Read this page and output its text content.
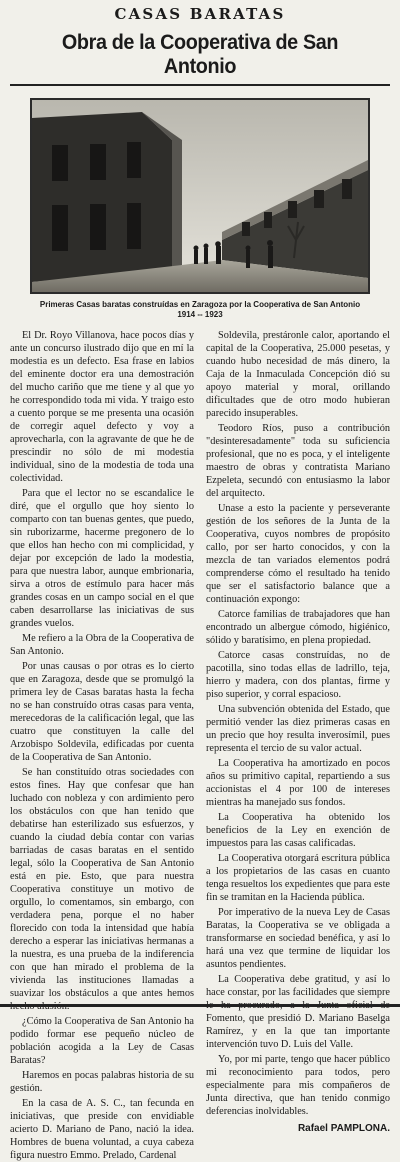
CASAS BARATAS
Obra de la Cooperativa de San Antonio
Primeras Casas baratas construídas en Zaragoza por la Cooperativa de San Antonio
1914 -- 1923

El Dr. Royo Villanova, hace pocos días y ante un concurso ilustrado dijo que en mí la modestia es un defecto. Esa frase en labios del eminente doctor era una demostración del mucho cariño que me tiene y al que yo he correspondido toda mi vida. Y traigo esto a cuento porque se me presenta una ocasión de corregir aquel defecto y voy a aprovecharla, con la agravante de que he de prescindir no sólo de mi modestia individual, sino de la modestia de toda una colectividad.

Para que el lector no se escandalice le diré, que el orgullo que hoy siento lo comparto con tan buenas gentes, que puedo, sin ruborizarme, hacerme pregonero de lo que ellos han hecho con mi complicidad, y dejar por excepción de lado la modestia, para que nuestra labor, aunque embrionaria, sirva a otros de estímulo para hacer más grandes cosas en un campo social en el que caben desarrollarse las iniciativas de sus grandes vuelos.

Me refiero a la Obra de la Cooperativa de San Antonio.

Por unas causas o por otras es lo cierto que en Zaragoza, desde que se promulgó la primera ley de Casas baratas hasta la fecha no se han construído otras casas para venta, merecedoras de la calificación legal, que las cuatro que constituyen la calle del Arzobispo Soldevila, edificadas por cuenta de la Cooperativa de San Antonio.

Se han constituído otras sociedades con estos fines. Hay que confesar que han luchado con nobleza y con ardimiento pero los obstáculos con que han tenido que debatirse han esterilizado sus esfuerzos, y cuando la ciudad debía contar con varias barriadas de casas baratas en el sentido legal, sólo la Cooperativa de San Antonio está en pie. Esto, que para nuestra Cooperativa constituye un motivo de orgullo, lo comentamos, sin embargo, con verdadera pena, porque el no haber florecido con toda la intensidad que había derecho a esperar las iniciativas hermanas a la nuestra, es una prueba de la indiferencia con que han mirado el problema de la vivienda las instituciones llamadas a suavizar los obstáculos a que antes hemos

¿Cómo la Cooperativa de San Antonio ha podido formar ese pequeño núcleo de población acogida a la Ley de Casas Baratas?

Haremos en pocas palabras historia de su gestión.

En la casa de A. S. C., tan fecunda en iniciativas, que preside con envidiable acierto D. Mariano de Pano, nació la idea. Hombres de buena voluntad, a cuya cabeza figura nuestro Emmo. Prelado, Cardenal

Soldevila, prestáronle calor, aportando el capital de la Cooperativa, 25.000 pesetas, y cuando hubo necesidad de más dinero, la Caja de la Inmaculada Concepción dió su apoyo material y moral, orillando dificultades que de otro modo hubieran parecido insuperables.

Teodoro Ríos, puso a contribución "desinteresadamente" toda su suficiencia profesional, que no es poca, y el inteligente maestro de obras y contratista Mariano Ezpeleta, secundó con entusiasmo la labor del arquitecto.

Unase a esto la paciente y perseverante gestión de los señores de la Junta de la Cooperativa, cuyos nombres de propósito callo, por ser harto conocidos, y con la mezcla de tan variados elementos podrá comprenderse cómo el resultado ha tenido que ser el satisfactorio balance que a continuación expongo:

Catorce familias de trabajadores que han encontrado un albergue cómodo, higiénico, sólido y baratísimo, en plena propiedad.

Catorce casas construídas, no de pacotilla, sino todas ellas de ladrillo, teja, hierro y madera, con dos plantas, firme y piso superior, y corral espacioso.

Una subvención obtenida del Estado, que permitió vender las diez primeras casas en un precio que hoy resulta inverosímil, pues representa el tercio de su valor actual.

La Cooperativa ha amortizado en pocos años su primitivo capital, repartiendo a sus accionistas el 4 por 100 de intereses mientras ha manejado sus fondos.

La Cooperativa ha obtenido los beneficios de la Ley en exención de impuestos para las casas calificadas.

La Cooperativa otorgará escritura pública a los propietarios de las casas en cuanto tenga resueltos los expedientes que para este fin se tramitan en la Hacienda pública.

Por imperativo de la nueva Ley de Casas Baratas, la Cooperativa se ve obligada a transformarse en sociedad benéfica, y así lo hará una vez que termine de liquidar los asuntos pendientes.

La Cooperativa debe gratitud, y así lo hace constar, por las facilidades que siempre Fomento, que presidió D. Mariano Baselga Ramírez, y en la que tan importante intervención tuvo D. Luis del Valle.

Yo, por mi parte, tengo que hacer público mi reconocimiento para todos, pero especialmente para mis compañeros de Junta directiva, que han tenido conmigo deferencias inolvidables.

Rafael PAMPLONA.
